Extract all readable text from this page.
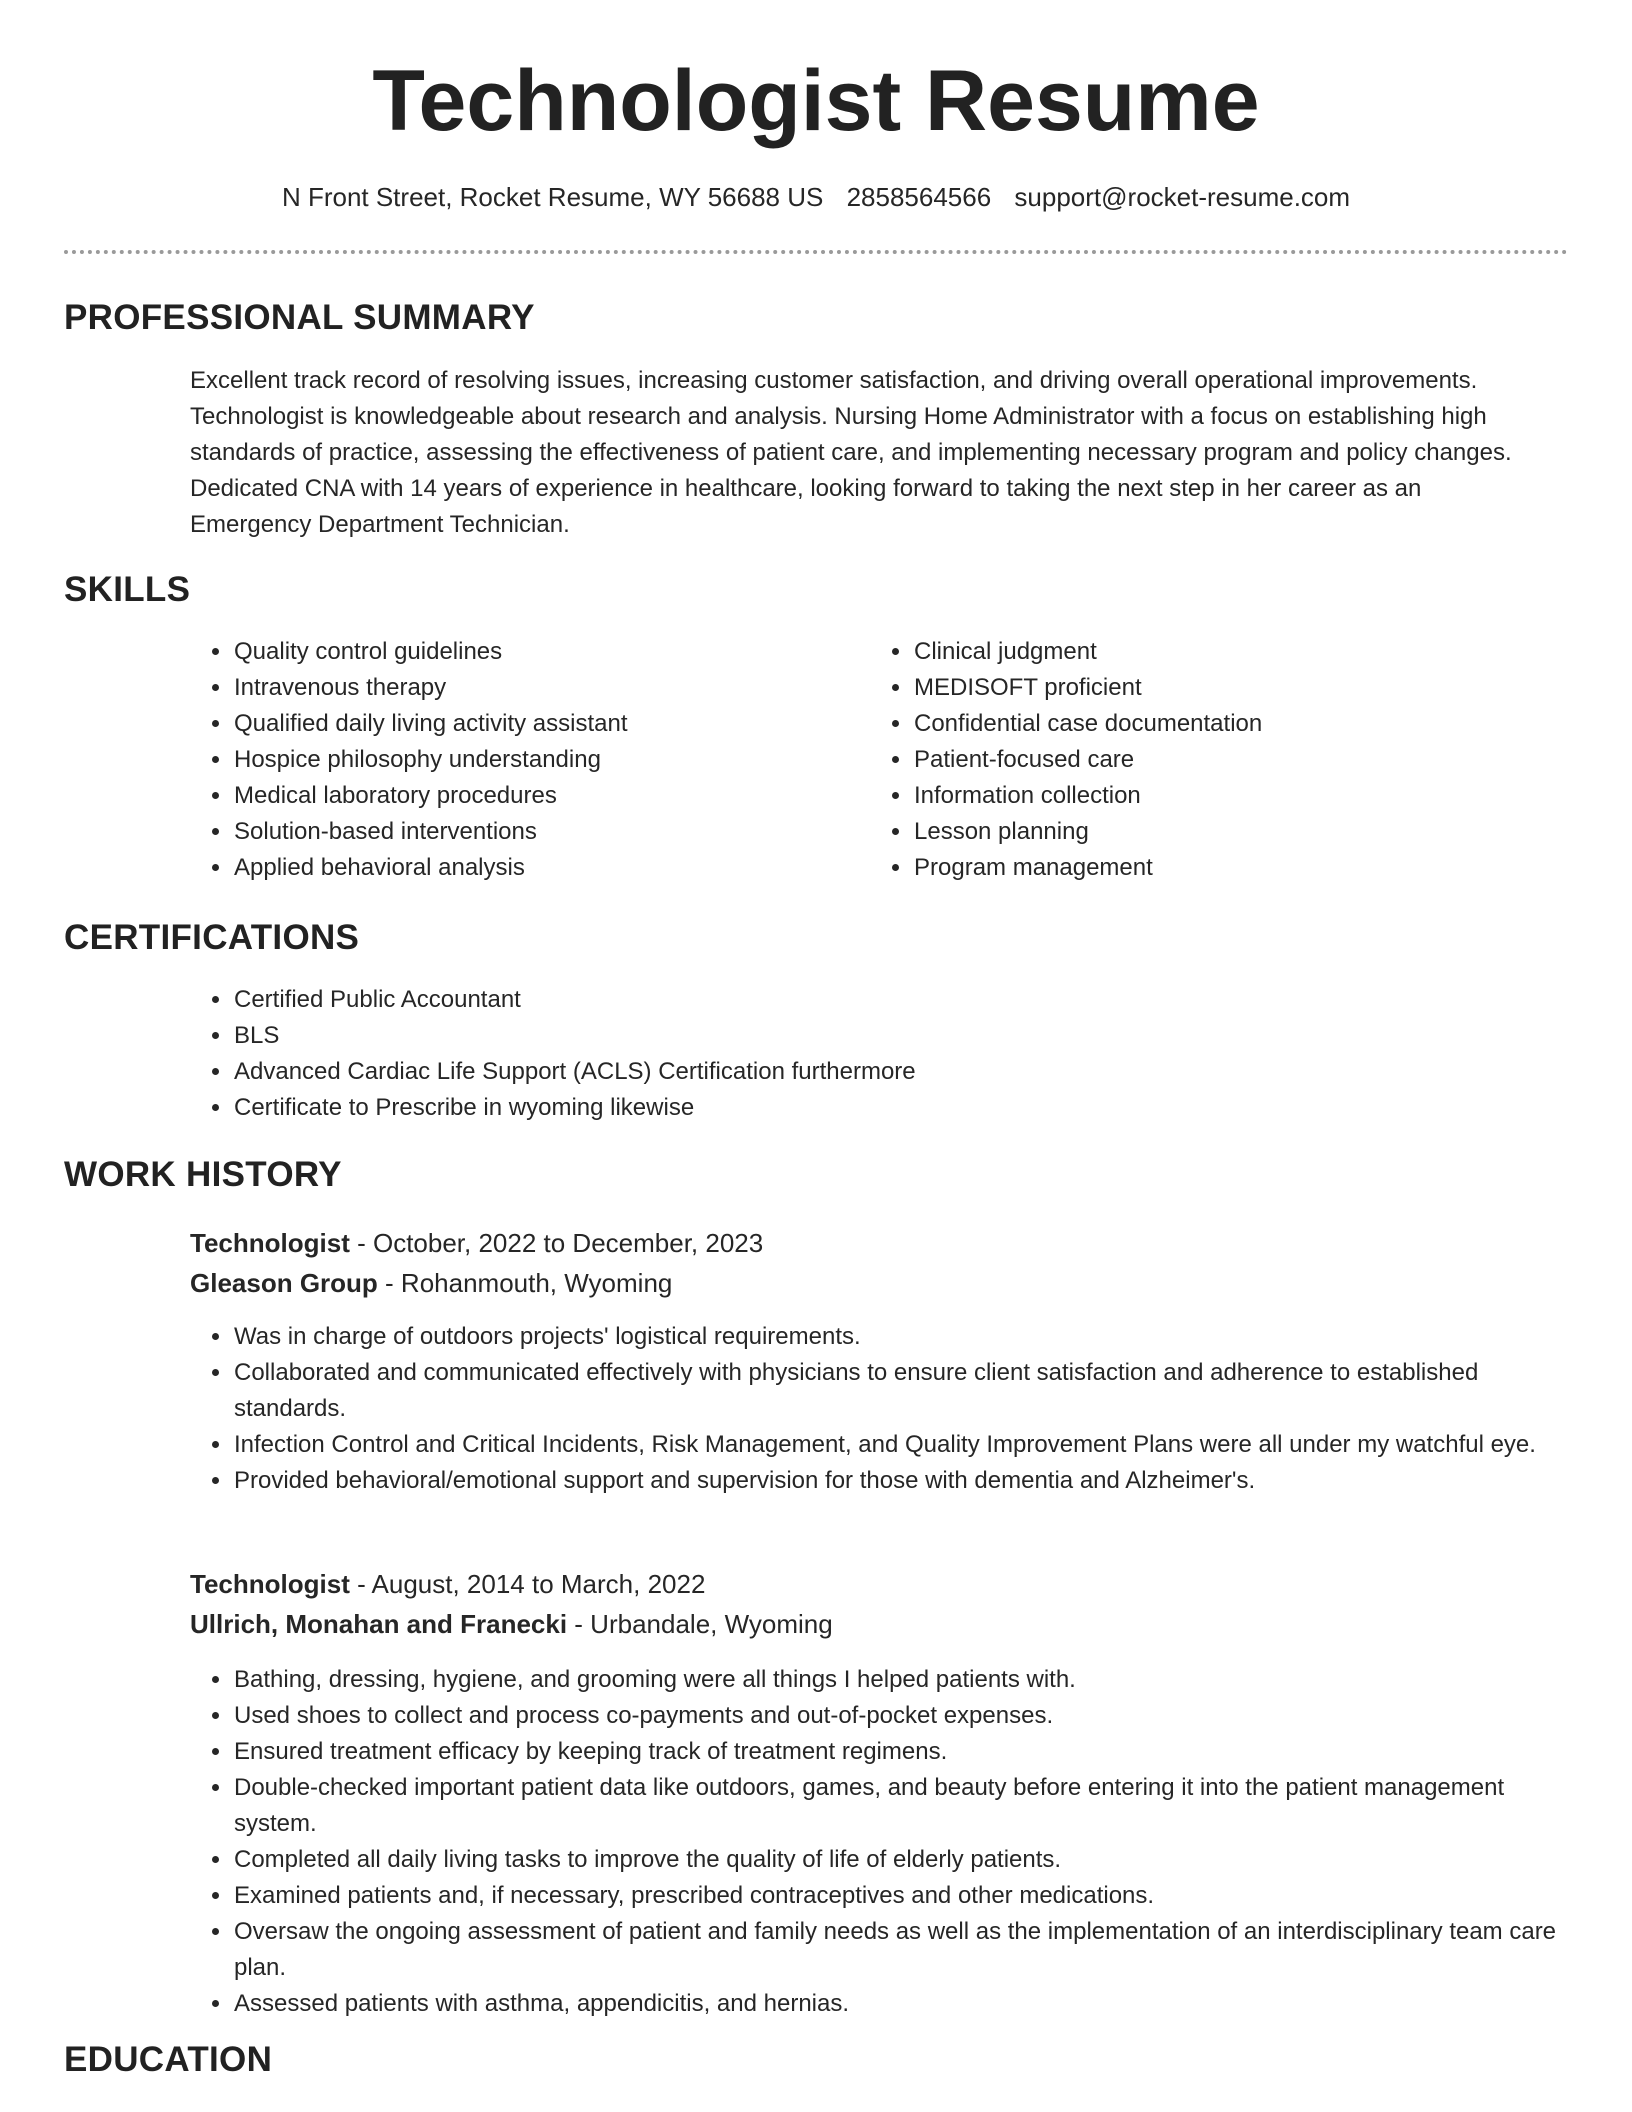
Technologist Resume
N Front Street, Rocket Resume, WY 56688 US 2858564566 support@rocket-resume.com
PROFESSIONAL SUMMARY

Excellent track record of resolving issues, increasing customer satisfaction, and driving overall operational improvements.

Technologist is knowledgeable about research and analysis. Nursing Home Administrator with a focus on establishing high

standards of practice, assessing the effectiveness of patient care, and implementing necessary program and policy changes.

Dedicated CNA with 14 years of experience in healthcare, looking forward to taking the next step in her career as an

Emergency Department Technician.

SKILLS
• Quality control guidelines
• Intravenous therapy
• Qualified daily living activity assistant
• Hospice philosophy understanding
• Medical laboratory procedures
• Solution-based interventions
• Applied behavioral analysis
• Clinical judgment
• MEDISOFT proficient
• Confidential case documentation
• Patient-focused care
• Information collection
• Lesson planning
• Program management
CERTIFICATIONS
• Certified Public Accountant
• BLS
• Advanced Cardiac Life Support (ACLS) Certification furthermore
• Certificate to Prescribe in wyoming likewise
WORK HISTORY
Technologist - October, 2022 to December, 2023
Gleason Group - Rohanmouth, Wyoming
• Was in charge of outdoors projects' logistical requirements.
• Collaborated and communicated effectively with physicians to ensure client satisfaction and adherence to established standards.
• Infection Control and Critical Incidents, Risk Management, and Quality Improvement Plans were all under my watchful eye.
• Provided behavioral/emotional support and supervision for those with dementia and Alzheimer's.
Technologist - August, 2014 to March, 2022
Ullrich, Monahan and Franecki - Urbandale, Wyoming
• Bathing, dressing, hygiene, and grooming were all things I helped patients with.
• Used shoes to collect and process co-payments and out-of-pocket expenses.
• Ensured treatment efficacy by keeping track of treatment regimens.
• Double-checked important patient data like outdoors, games, and beauty before entering it into the patient management system.
• Completed all daily living tasks to improve the quality of life of elderly patients.
• Examined patients and, if necessary, prescribed contraceptives and other medications.
• Oversaw the ongoing assessment of patient and family needs as well as the implementation of an interdisciplinary team care plan.
• Assessed patients with asthma, appendicitis, and hernias.
EDUCATION
